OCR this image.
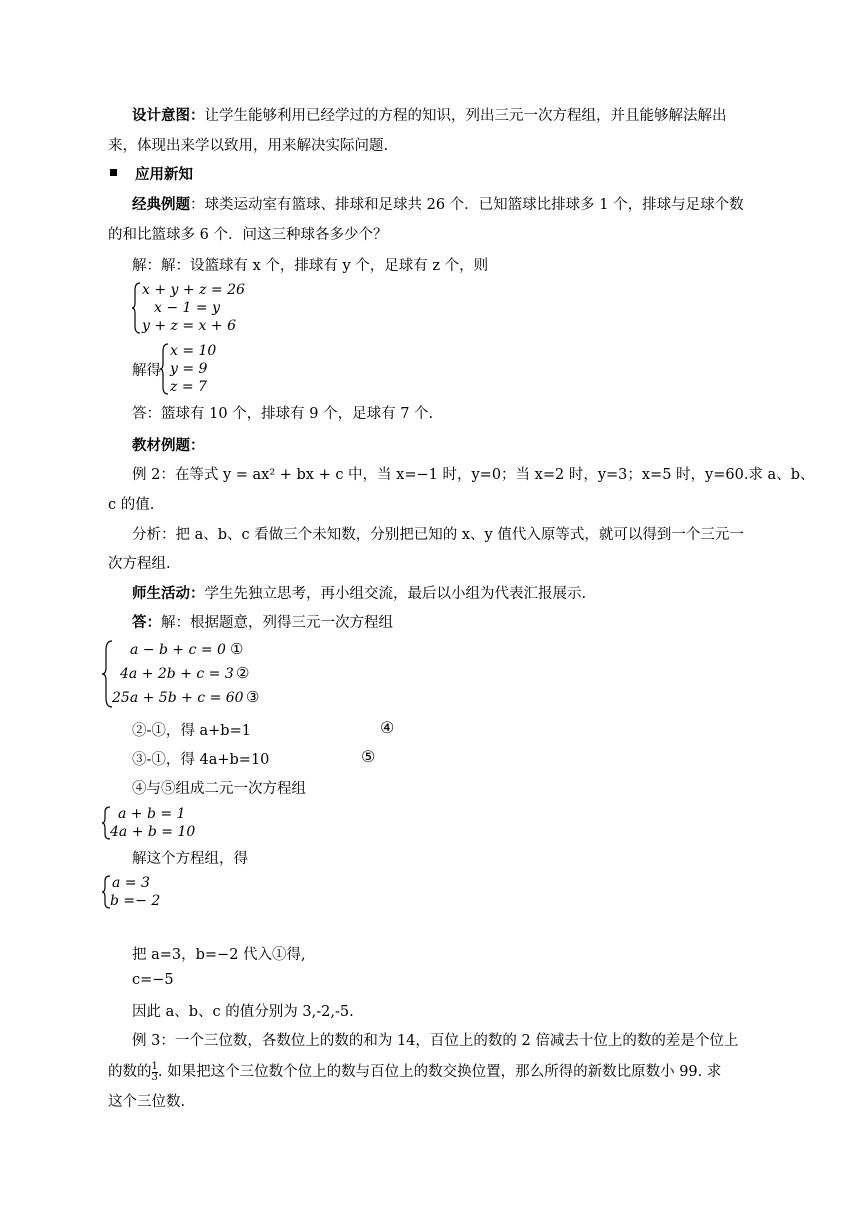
设计意图：让学生能够利用已经学过的方程的知识，列出三元一次方程组，并且能够解法解出
来，体现出来学以致用，用来解决实际问题.
应用新知
经典例题：球类运动室有篮球、排球和足球共 26 个．已知篮球比排球多 1 个，排球与足球个数
的和比篮球多 6 个．问这三种球各多少个？
解：解：设篮球有 x 个，排球有 y 个，足球有 z 个，则
x + y + z = 26
x − 1 = y
y + z = x + 6
解得
x = 10
y = 9
z = 7
答：篮球有 10 个，排球有 9 个，足球有 7 个.
教材例题：
例 2：在等式 y = ax² + bx + c 中，当 x=−1 时，y=0；当 x=2 时，y=3；x=5 时，y=60.求 a、b、
c 的值.
分析：把 a、b、c 看做三个未知数，分别把已知的 x、y 值代入原等式，就可以得到一个三元一
次方程组.
师生活动：学生先独立思考，再小组交流，最后以小组为代表汇报展示.
答：解：根据题意，列得三元一次方程组
a − b + c = 0 ①
4a + 2b + c = 3 ②
25a + 5b + c = 60 ③
②-①，得 a+b=1	④
③-①，得 4a+b=10	⑤
④与⑤组成二元一次方程组
a + b = 1
4a + b = 10
解这个方程组，得
a = 3
b =− 2
把 a=3，b=−2 代入①得,
c=−5
因此 a、b、c 的值分别为 3,-2,-5.
例 3：一个三位数，各数位上的数的和为 14，百位上的数的 2 倍减去十位上的数的差是个位上
的数的 $\frac{1}{3}$ . 如果把这个三位数个位上的数与百位上的数交换位置，那么所得的新数比原数小 99. 求
这个三位数.
